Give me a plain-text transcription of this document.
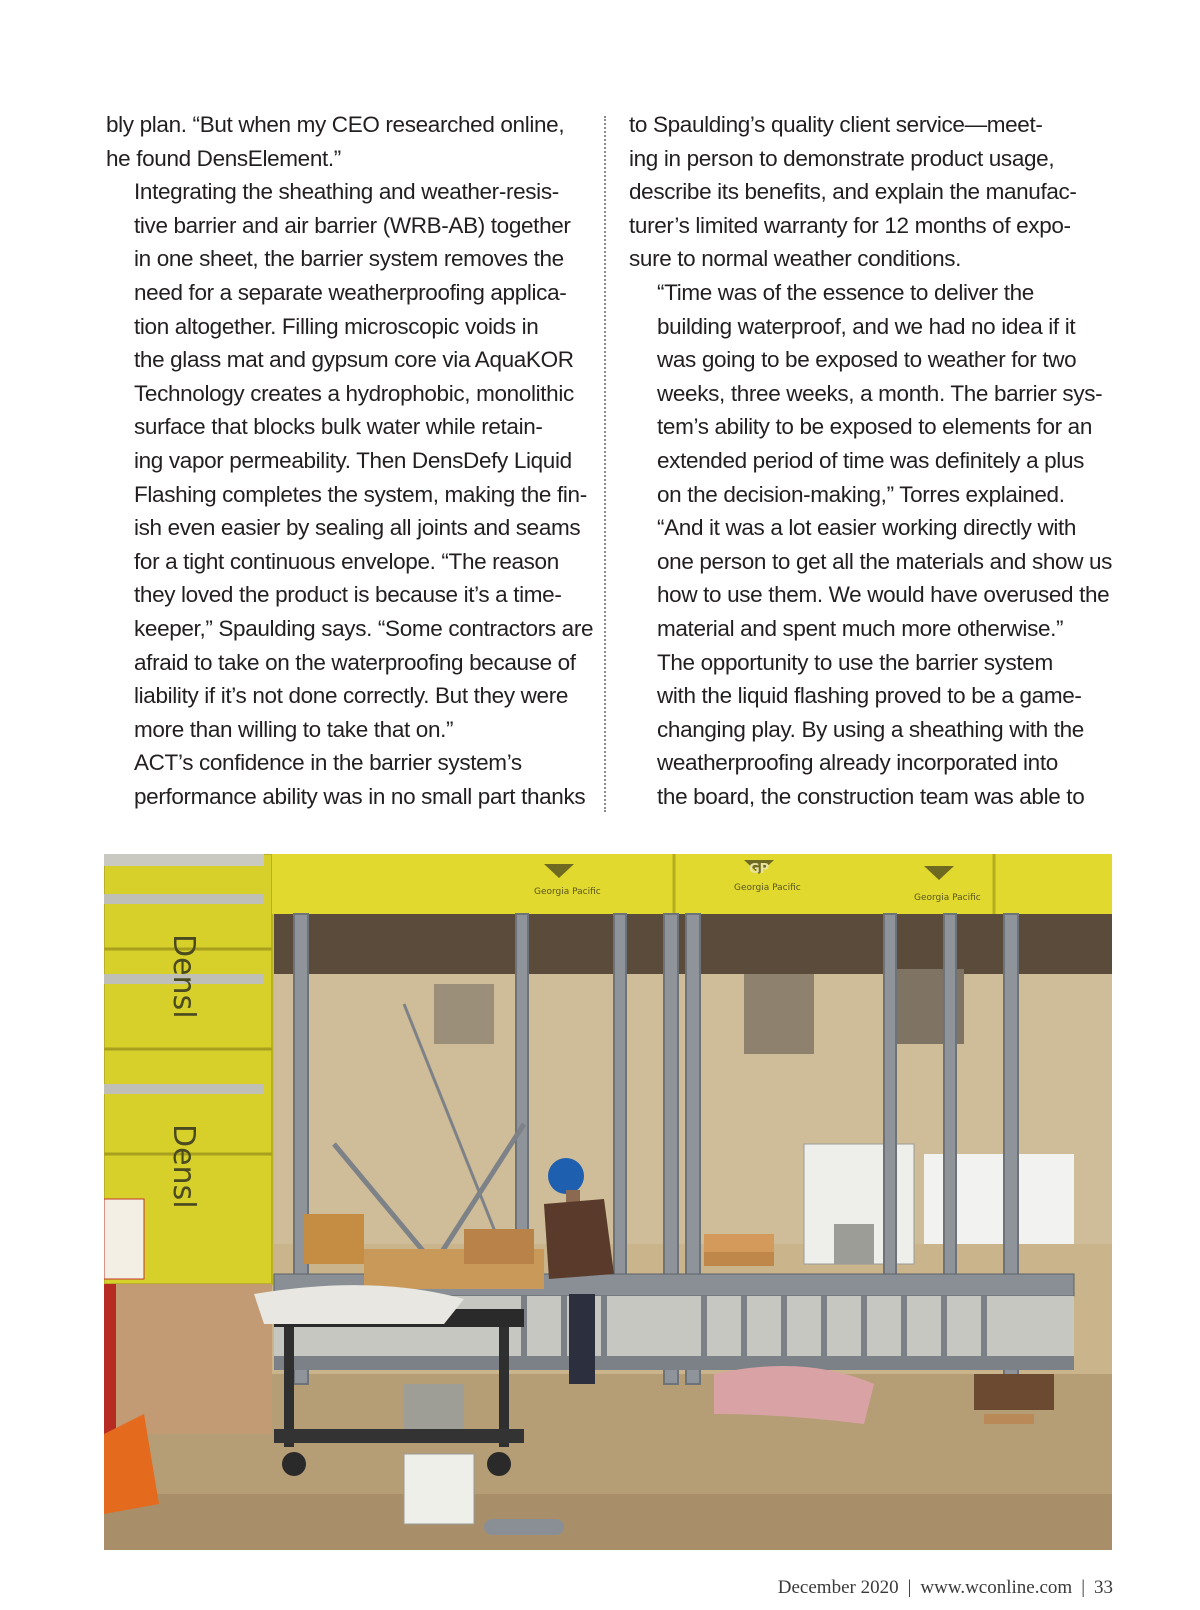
bly plan. “But when my CEO researched online,
he found DensElement.”

Integrating the sheathing and weather-resis-
tive barrier and air barrier (WRB-AB) together
in one sheet, the barrier system removes the
need for a separate weatherproofing applica-
tion altogether. Filling microscopic voids in
the glass mat and gypsum core via AquaKOR
Technology creates a hydrophobic, monolithic
surface that blocks bulk water while retain-
ing vapor permeability. Then DensDefy Liquid
Flashing completes the system, making the fin-
ish even easier by sealing all joints and seams
for a tight continuous envelope. “The reason
they loved the product is because it’s a time-
keeper,” Spaulding says. “Some contractors are
afraid to take on the waterproofing because of
liability if it’s not done correctly. But they were
more than willing to take that on.”

ACT’s confidence in the barrier system’s
performance ability was in no small part thanks

to Spaulding’s quality client service—meet-
ing in person to demonstrate product usage,
describe its benefits, and explain the manufac-
turer’s limited warranty for 12 months of expo-
sure to normal weather conditions.

“Time was of the essence to deliver the
building waterproof, and we had no idea if it
was going to be exposed to weather for two
weeks, three weeks, a month. The barrier sys-
tem’s ability to be exposed to elements for an
extended period of time was definitely a plus
on the decision-making,” Torres explained.
“And it was a lot easier working directly with
one person to get all the materials and show us
how to use them. We would have overused the
material and spent much more otherwise.”

The opportunity to use the barrier system
with the liquid flashing proved to be a game-
changing play. By using a sheathing with the
weatherproofing already incorporated into
the board, the construction team was able to

Densl
Densl
GP
Georgia Pacific	Georgia Pacific
Georgia Pacific
December 2020 | www.wconline.com | 33
